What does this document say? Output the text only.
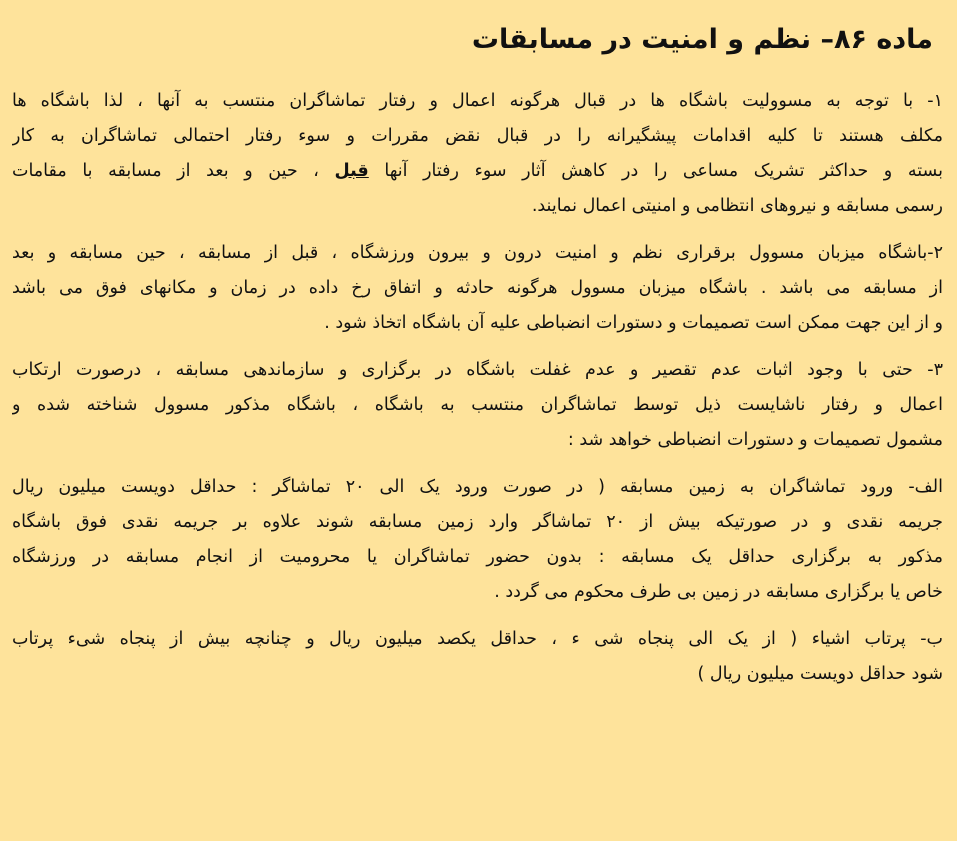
ماده ۸۶– نظم و امنیت در مسابقات
۱- با توجه به مسوولیت باشگاه ها در قبال هرگونه اعمال و رفتار تماشاگران منتسب به آنها ، لذا باشگاه ها
مکلف هستند تا کلیه اقدامات پیشگیرانه را در قبال نقض مقررات و سوء رفتار احتمالی تماشاگران به کار
بسته و حداکثر تشریک مساعی را در کاهش آثار سوء رفتار آنها قبل ، حین و بعد از مسابقه با مقامات
رسمی مسابقه و نیروهای انتظامی و امنیتی اعمال نمایند.
۲-باشگاه میزبان مسوول برقراری نظم و امنیت درون و بیرون ورزشگاه ، قبل از مسابقه ، حین مسابقه و بعد
از مسابقه می باشد . باشگاه میزبان مسوول هرگونه حادثه و اتفاق رخ داده در زمان و مکانهای فوق می باشد
و از این جهت ممکن است تصمیمات و دستورات انضباطی علیه آن باشگاه اتخاذ شود .
۳- حتی با وجود اثبات عدم تقصیر و عدم غفلت باشگاه در برگزاری و سازماندهی مسابقه ، درصورت ارتکاب
اعمال و رفتار ناشایست ذیل توسط تماشاگران منتسب به باشگاه ، باشگاه مذکور مسوول شناخته شده و
مشمول تصمیمات و دستورات انضباطی خواهد شد :
الف- ورود تماشاگران به زمین مسابقه ( در صورت ورود یک الی ۲۰ تماشاگر : حداقل دویست میلیون ریال
جریمه نقدی و در صورتیکه بیش از ۲۰ تماشاگر وارد زمین مسابقه شوند علاوه بر جریمه نقدی فوق باشگاه
مذکور به برگزاری حداقل یک مسابقه : بدون حضور تماشاگران یا محرومیت از انجام مسابقه در ورزشگاه
خاص یا برگزاری مسابقه در زمین بی طرف محکوم می گردد .
ب- پرتاب اشیاء ( از یک الی پنجاه شی ء ، حداقل یکصد میلیون ریال و چنانچه بیش از پنجاه شیء پرتاب
شود حداقل دویست میلیون ریال )
